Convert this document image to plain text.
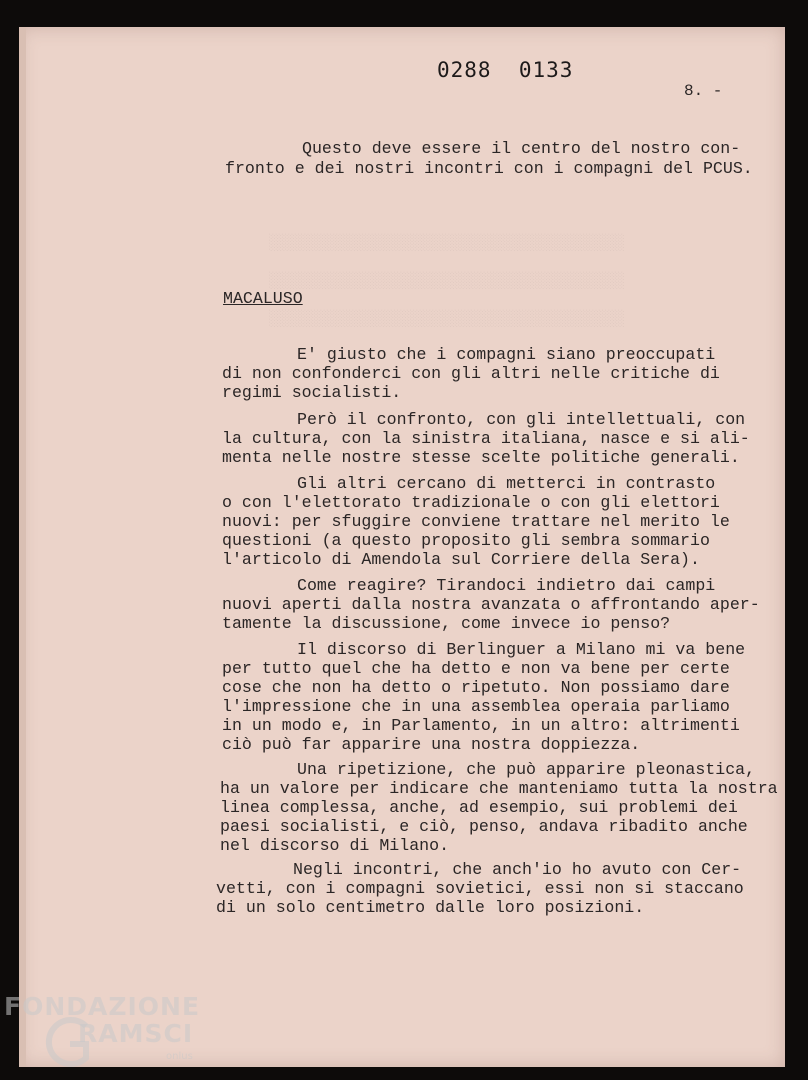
░░░░░░░░░░░░░░░░░░░░░░░░░░░░░░░░░░░░░

░░░░░░░░░░░░░░░░░░░░░░░░░░░░░░░░░░░░░

░░░░░░░░░░░░░░░░░░░░░░░░░░░░░░░░░░░░░

0288  0133
8. -
Questo deve essere il centro del nostro con-
fronto e dei nostri incontri con i compagni del PCUS.
MACALUSO
E' giusto che i compagni siano preoccupati
di non confonderci con gli altri nelle critiche di
regimi socialisti.
Però il confronto, con gli intellettuali, con
la cultura, con la sinistra italiana, nasce e si ali-
menta nelle nostre stesse scelte politiche generali.
Gli altri cercano di metterci in contrasto
o con l'elettorato tradizionale o con gli elettori
nuovi: per sfuggire conviene trattare nel merito le
questioni (a questo proposito gli sembra sommario
l'articolo di Amendola sul Corriere della Sera).
Come reagire? Tirandoci indietro dai campi
nuovi aperti dalla nostra avanzata o affrontando aper-
tamente la discussione, come invece io penso?
Il discorso di Berlinguer a Milano mi va bene
per tutto quel che ha detto e non va bene per certe
cose che non ha detto o ripetuto. Non possiamo dare
l'impressione che in una assemblea operaia parliamo
in un modo e, in Parlamento, in un altro: altrimenti
ciò può far apparire una nostra doppiezza.
Una ripetizione, che può apparire pleonastica,
ha un valore per indicare che manteniamo tutta la nostra
linea complessa, anche, ad esempio, sui problemi dei
paesi socialisti, e ciò, penso, andava ribadito anche
nel discorso di Milano.
Negli incontri, che anch'io ho avuto con Cer-
vetti, con i compagni sovietici, essi non si staccano
di un solo centimetro dalle loro posizioni.
FONDAZIONE
RAMSCI
onlus
